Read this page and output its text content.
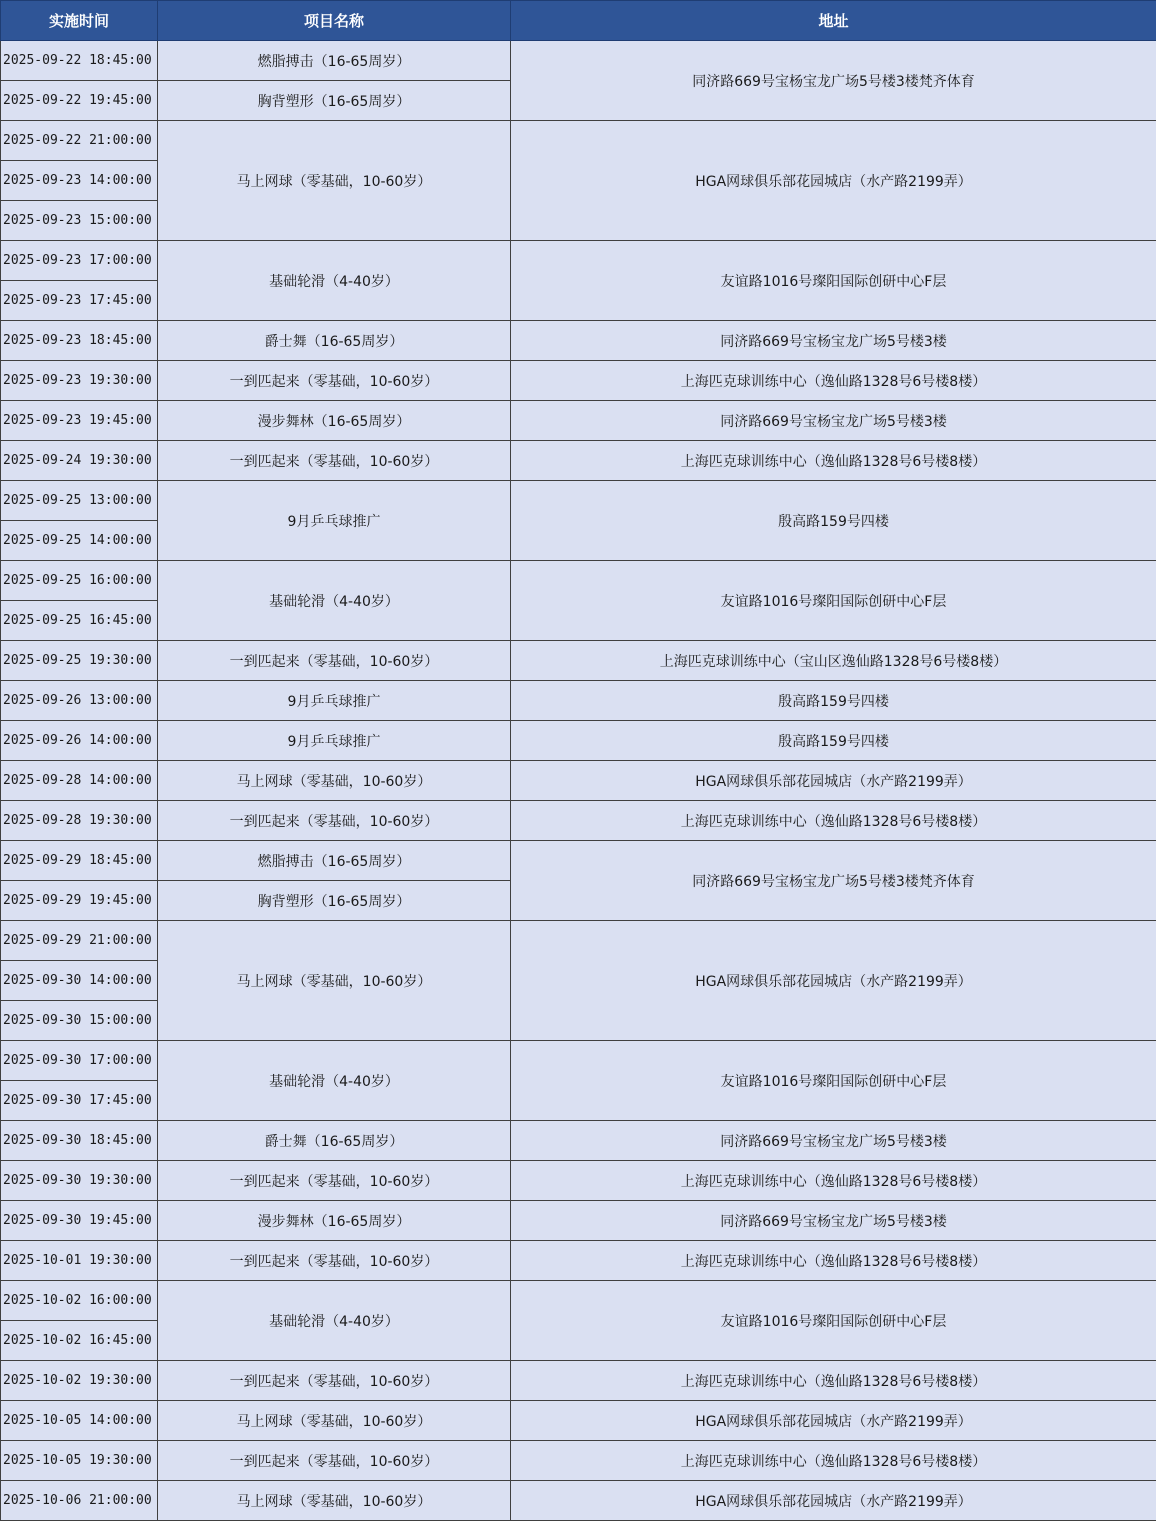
实施时间	项目名称	地址
2025-09-22 18:45:00	燃脂搏击（16-65周岁）	同济路669号宝杨宝龙广场5号楼3楼梵齐体育
2025-09-22 19:45:00	胸背塑形（16-65周岁）	
2025-09-22 21:00:00	马上网球（零基础，10-60岁）	HGA网球俱乐部花园城店（水产路2199弄）
2025-09-23 14:00:00		
2025-09-23 15:00:00		
2025-09-23 17:00:00	基础轮滑（4-40岁）	友谊路1016号璨阳国际创研中心F层
2025-09-23 17:45:00		
2025-09-23 18:45:00	爵士舞（16-65周岁）	同济路669号宝杨宝龙广场5号楼3楼
2025-09-23 19:30:00	一到匹起来（零基础，10-60岁）	上海匹克球训练中心（逸仙路1328号6号楼8楼）
2025-09-23 19:45:00	漫步舞林（16-65周岁）	同济路669号宝杨宝龙广场5号楼3楼
2025-09-24 19:30:00	一到匹起来（零基础，10-60岁）	上海匹克球训练中心（逸仙路1328号6号楼8楼）
2025-09-25 13:00:00	9月乒乓球推广	殷高路159号四楼
2025-09-25 14:00:00		
2025-09-25 16:00:00	基础轮滑（4-40岁）	友谊路1016号璨阳国际创研中心F层
2025-09-25 16:45:00		
2025-09-25 19:30:00	一到匹起来（零基础，10-60岁）	上海匹克球训练中心（宝山区逸仙路1328号6号楼8楼）
2025-09-26 13:00:00	9月乒乓球推广	殷高路159号四楼
2025-09-26 14:00:00	9月乒乓球推广	殷高路159号四楼
2025-09-28 14:00:00	马上网球（零基础，10-60岁）	HGA网球俱乐部花园城店（水产路2199弄）
2025-09-28 19:30:00	一到匹起来（零基础，10-60岁）	上海匹克球训练中心（逸仙路1328号6号楼8楼）
2025-09-29 18:45:00	燃脂搏击（16-65周岁）	同济路669号宝杨宝龙广场5号楼3楼梵齐体育
2025-09-29 19:45:00	胸背塑形（16-65周岁）	
2025-09-29 21:00:00	马上网球（零基础，10-60岁）	HGA网球俱乐部花园城店（水产路2199弄）
2025-09-30 14:00:00		
2025-09-30 15:00:00		
2025-09-30 17:00:00	基础轮滑（4-40岁）	友谊路1016号璨阳国际创研中心F层
2025-09-30 17:45:00		
2025-09-30 18:45:00	爵士舞（16-65周岁）	同济路669号宝杨宝龙广场5号楼3楼
2025-09-30 19:30:00	一到匹起来（零基础，10-60岁）	上海匹克球训练中心（逸仙路1328号6号楼8楼）
2025-09-30 19:45:00	漫步舞林（16-65周岁）	同济路669号宝杨宝龙广场5号楼3楼
2025-10-01 19:30:00	一到匹起来（零基础，10-60岁）	上海匹克球训练中心（逸仙路1328号6号楼8楼）
2025-10-02 16:00:00	基础轮滑（4-40岁）	友谊路1016号璨阳国际创研中心F层
2025-10-02 16:45:00		
2025-10-02 19:30:00	一到匹起来（零基础，10-60岁）	上海匹克球训练中心（逸仙路1328号6号楼8楼）
2025-10-05 14:00:00	马上网球（零基础，10-60岁）	HGA网球俱乐部花园城店（水产路2199弄）
2025-10-05 19:30:00	一到匹起来（零基础，10-60岁）	上海匹克球训练中心（逸仙路1328号6号楼8楼）
2025-10-06 21:00:00	马上网球（零基础，10-60岁）	HGA网球俱乐部花园城店（水产路2199弄）
